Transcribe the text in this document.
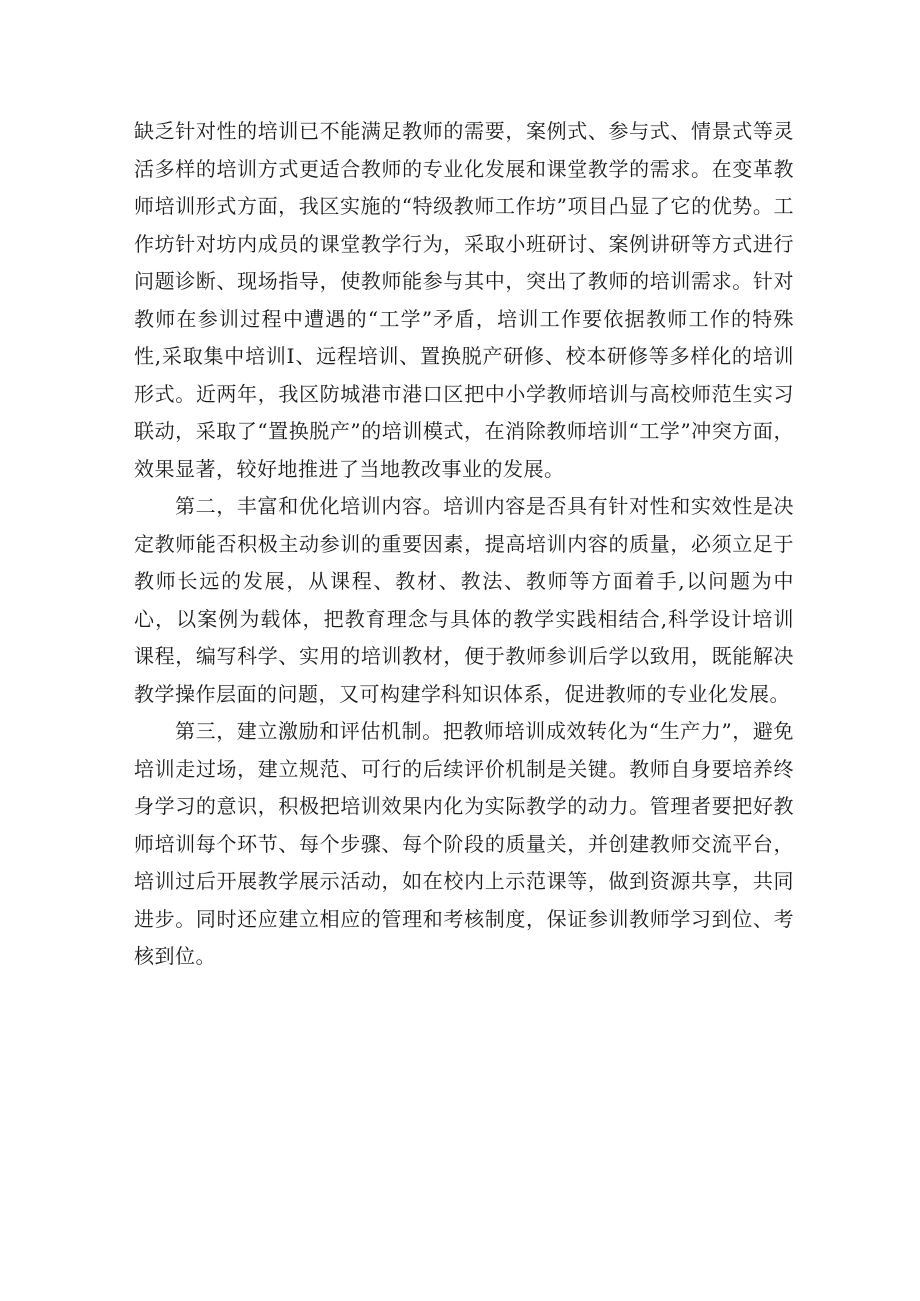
缺乏针对性的培训已不能满足教师的需要，案例式、参与式、情景式等灵活多样的培训方式更适合教师的专业化发展和课堂教学的需求。在变革教师培训形式方面，我区实施的“特级教师工作坊”项目凸显了它的优势。工作坊针对坊内成员的课堂教学行为，采取小班研讨、案例讲研等方式进行问题诊断、现场指导，使教师能参与其中，突出了教师的培训需求。针对教师在参训过程中遭遇的“工学”矛盾，培训工作要依据教师工作的特殊性,采取集中培训I、远程培训、置换脱产研修、校本研修等多样化的培训形式。近两年，我区防城港市港口区把中小学教师培训与高校师范生实习联动，采取了“置换脱产”的培训模式，在消除教师培训“工学”冲突方面，效果显著，较好地推进了当地教改事业的发展。

第二，丰富和优化培训内容。培训内容是否具有针对性和实效性是决定教师能否积极主动参训的重要因素，提高培训内容的质量，必须立足于教师长远的发展，从课程、教材、教法、教师等方面着手,以问题为中心，以案例为载体，把教育理念与具体的教学实践相结合,科学设计培训课程，编写科学、实用的培训教材，便于教师参训后学以致用，既能解决教学操作层面的问题，又可构建学科知识体系，促进教师的专业化发展。

第三，建立激励和评估机制。把教师培训成效转化为“生产力”，避免培训走过场，建立规范、可行的后续评价机制是关键。教师自身要培养终身学习的意识，积极把培训效果内化为实际教学的动力。管理者要把好教师培训每个环节、每个步骤、每个阶段的质量关，并创建教师交流平台，培训过后开展教学展示活动，如在校内上示范课等，做到资源共享，共同进步。同时还应建立相应的管理和考核制度，保证参训教师学习到位、考核到位。
